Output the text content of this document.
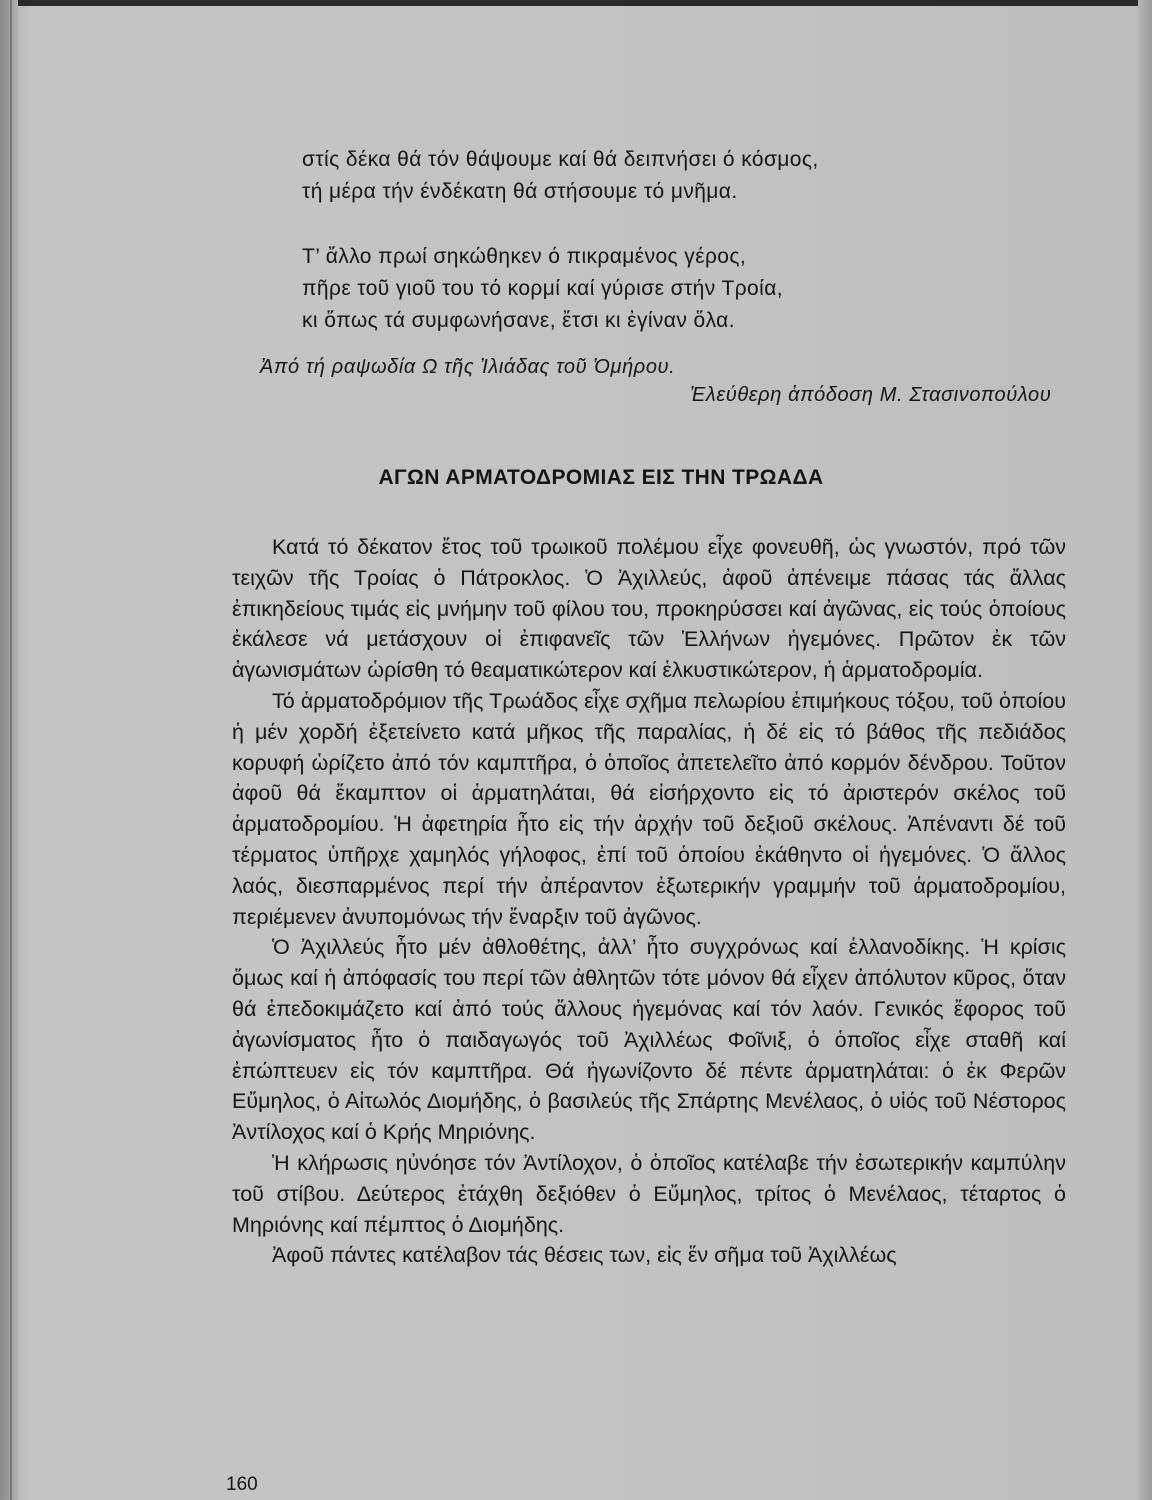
στίς δέκα θά τόν θάψουμε καί θά δειπνήσει ό κόσμος,
τή μέρα τήν ένδέκατη θά στήσουμε τό μνῆμα.
Τ’ ἄλλο πρωί σηκώθηκεν ό πικραμένος γέρος,
πῆρε τοῦ γιοῦ του τό κορμί καί γύρισε στήν Τροία,
κι ὅπως τά συμφωνήσανε, ἔτσι κι ἐγίναν ὅλα.
Ἀπό τή ραψωδία Ω τῆς Ἰλιάδας τοῦ Ὁμήρου.
Ἐλεύθερη ἀπόδοση Μ. Στασινοπούλου
ΑΓΩΝ ΑΡΜΑΤΟΔΡΟΜΙΑΣ ΕΙΣ ΤΗΝ ΤΡΩΑΔΑ

Κατά τό δέκατον ἔτος τοῦ τρωικοῦ πολέμου εἶχε φονευθῆ, ὡς γνωστόν, πρό τῶν τειχῶν τῆς Τροίας ὁ Πάτροκλος. Ὁ Ἀχιλλεύς, ἀφοῦ ἀπένειμε πάσας τάς ἄλλας ἐπικηδείους τιμάς εἰς μνήμην τοῦ φίλου του, προκηρύσσει καί ἀγῶνας, εἰς τούς ὁποίους ἐκάλεσε νά μετάσχουν οἱ ἐπιφανεῖς τῶν Ἑλλήνων ἡγεμόνες. Πρῶτον ἐκ τῶν ἀγωνισμάτων ὡρίσθη τό θεαματικώτερον καί ἑλκυστικώτερον, ἡ ἁρματοδρομία.

Τό ἁρματοδρόμιον τῆς Τρωάδος εἶχε σχῆμα πελωρίου ἐπιμήκους τόξου, τοῦ ὁποίου ἡ μέν χορδή ἐξετείνετο κατά μῆκος τῆς παραλίας, ἡ δέ εἰς τό βάθος τῆς πεδιάδος κορυφή ὡρίζετο ἀπό τόν καμπτῆρα, ὁ ὁποῖος ἀπετελεῖτο ἀπό κορμόν δένδρου. Τοῦτον ἀφοῦ θά ἔκαμπτον οἱ ἁρματηλάται, θά εἰσήρχοντο εἰς τό ἀριστερόν σκέλος τοῦ ἁρματοδρομίου. Ἡ ἀφετηρία ἦτο εἰς τήν ἀρχήν τοῦ δεξιοῦ σκέλους. Ἀπέναντι δέ τοῦ τέρματος ὑπῆρχε χαμηλός γήλοφος, ἐπί τοῦ ὁποίου ἐκάθηντο οἱ ἡγεμόνες. Ὁ ἄλλος λαός, διεσπαρμένος περί τήν ἀπέραντον ἐξωτερικήν γραμμήν τοῦ ἁρματοδρομίου, περιέμενεν ἀνυπομόνως τήν ἔναρξιν τοῦ ἀγῶνος.

Ὁ Ἀχιλλεύς ἦτο μέν ἀθλοθέτης, ἀλλ’ ἦτο συγχρόνως καί ἑλλανοδίκης. Ἡ κρίσις ὅμως καί ἡ ἀπόφασίς του περί τῶν ἀθλητῶν τότε μόνον θά εἶχεν ἀπόλυτον κῦρος, ὅταν θά ἐπεδοκιμάζετο καί ἀπό τούς ἄλλους ἡγεμόνας καί τόν λαόν. Γενικός ἔφορος τοῦ ἀγωνίσματος ἦτο ὁ παιδαγωγός τοῦ Ἀχιλλέως Φοῖνιξ, ὁ ὁποῖος εἶχε σταθῆ καί ἐπώπτευεν εἰς τόν καμπτῆρα. Θά ἠγωνίζοντο δέ πέντε ἁρματηλάται: ὁ ἐκ Φερῶν Εὔμηλος, ὁ Αἰτωλός Διομήδης, ὁ βασιλεύς τῆς Σπάρτης Μενέλαος, ὁ υἱός τοῦ Νέστορος Ἀντίλοχος καί ὁ Κρής Μηριόνης.

Ἡ κλήρωσις ηὐνόησε τόν Ἀντίλοχον, ὁ ὁποῖος κατέλαβε τήν ἐσωτερικήν καμπύλην τοῦ στίβου. Δεύτερος ἐτάχθη δεξιόθεν ὁ Εὔμηλος, τρίτος ὁ Μενέλαος, τέταρτος ὁ Μηριόνης καί πέμπτος ὁ Διομήδης.

Ἀφοῦ πάντες κατέλαβον τάς θέσεις των, εἰς ἕν σῆμα τοῦ Ἀχιλλέως

160
